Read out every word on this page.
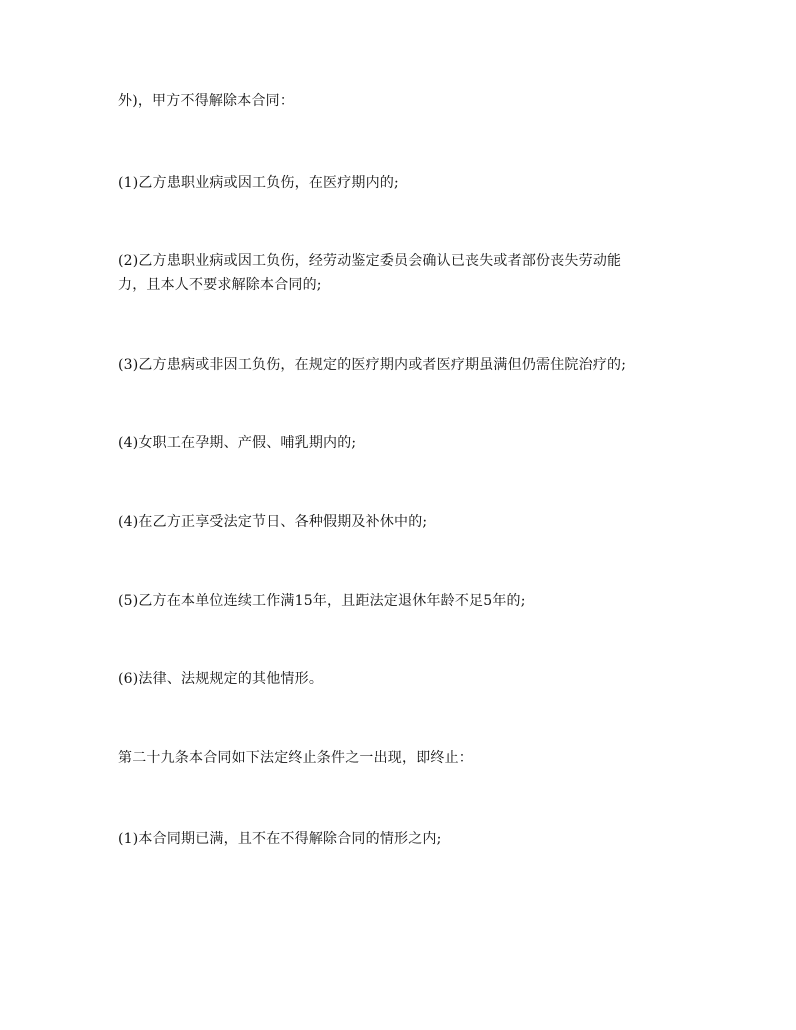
外)，甲方不得解除本合同：

(1)乙方患职业病或因工负伤，在医疗期内的;

(2)乙方患职业病或因工负伤，经劳动鉴定委员会确认已丧失或者部份丧失劳动能

力，且本人不要求解除本合同的;

(3)乙方患病或非因工负伤，在规定的医疗期内或者医疗期虽满但仍需住院治疗的;

(4)女职工在孕期、产假、哺乳期内的;

(4)在乙方正享受法定节日、各种假期及补休中的;

(5)乙方在本单位连续工作满15年，且距法定退休年龄不足5年的;

(6)法律、法规规定的其他情形。

第二十九条本合同如下法定终止条件之一出现，即终止：

(1)本合同期已满，且不在不得解除合同的情形之内;
